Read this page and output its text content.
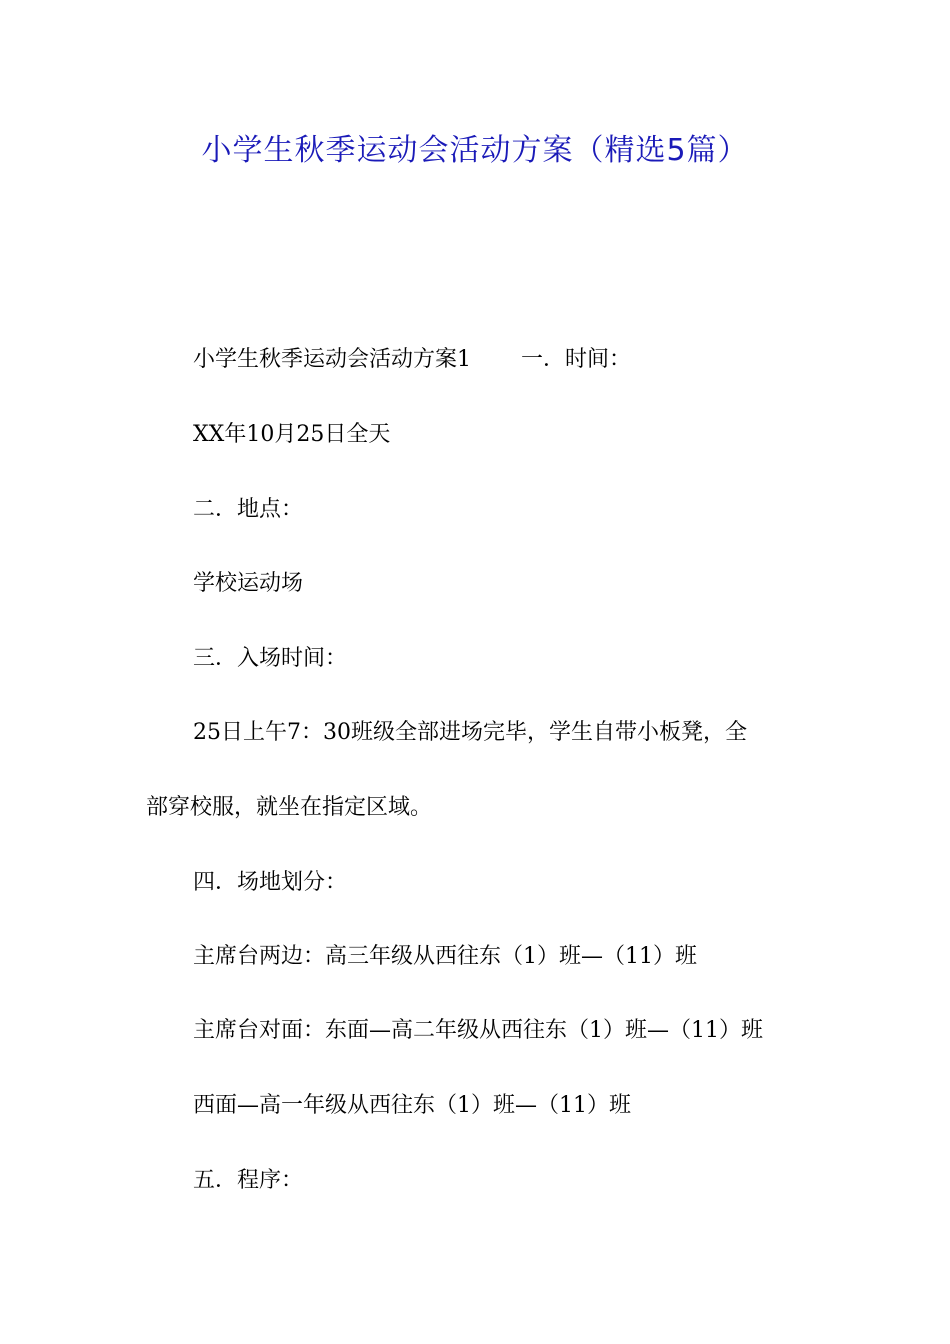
小学生秋季运动会活动方案（精选5篇）

小学生秋季运动会活动方案1 一．时间：

XX年10月25日全天

二．地点：

学校运动场

三．入场时间：

25日上午7：30班级全部进场完毕，学生自带小板凳，全

部穿校服，就坐在指定区域。

四．场地划分：

主席台两边：高三年级从西往东（1）班—（11）班

主席台对面：东面—高二年级从西往东（1）班—（11）班

西面—高一年级从西往东（1）班—（11）班

五．程序：
